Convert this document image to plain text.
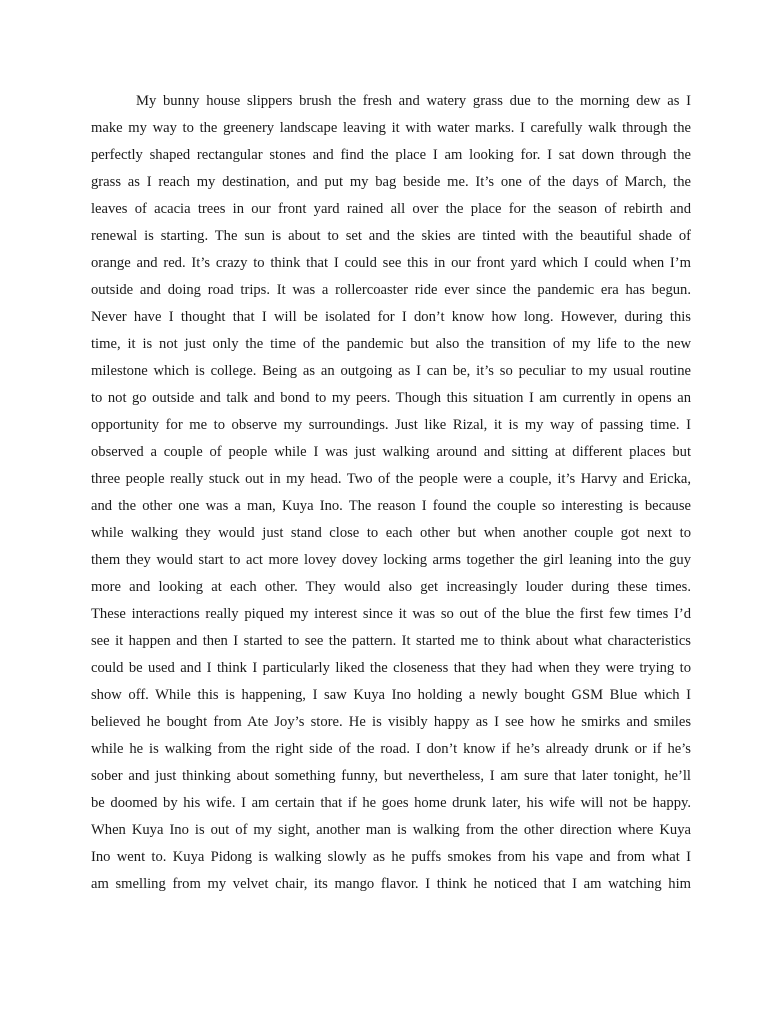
My bunny house slippers brush the fresh and watery grass due to the morning dew as I
make my way to the greenery landscape leaving it with water marks. I carefully walk through the
perfectly shaped rectangular stones and find the place I am looking for. I sat down through the
grass as I reach my destination, and put my bag beside me. It’s one of the days of March, the
leaves of acacia trees in our front yard rained all over the place for the season of rebirth and
renewal is starting. The sun is about to set and the skies are tinted with the beautiful shade of
orange and red. It’s crazy to think that I could see this in our front yard which I could when I’m
outside and doing road trips. It was a rollercoaster ride ever since the pandemic era has begun.
Never have I thought that I will be isolated for I don’t know how long. However, during this
time, it is not just only the time of the pandemic but also the transition of my life to the new
milestone which is college. Being as an outgoing as I can be, it’s so peculiar to my usual routine
to not go outside and talk and bond to my peers. Though this situation I am currently in opens an
opportunity for me to observe my surroundings. Just like Rizal, it is my way of passing time. I
observed a couple of people while I was just walking around and sitting at different places but
three people really stuck out in my head. Two of the people were a couple, it’s Harvy and Ericka,
and the other one was a man, Kuya Ino. The reason I found the couple so interesting is because
while walking they would just stand close to each other but when another couple got next to
them they would start to act more lovey dovey locking arms together the girl leaning into the guy
more and looking at each other. They would also get increasingly louder during these times.
These interactions really piqued my interest since it was so out of the blue the first few times I’d
see it happen and then I started to see the pattern. It started me to think about what characteristics
could be used and I think I particularly liked the closeness that they had when they were trying to
show off. While this is happening, I saw Kuya Ino holding a newly bought GSM Blue which I
believed he bought from Ate Joy’s store. He is visibly happy as I see how he smirks and smiles
while he is walking from the right side of the road. I don’t know if he’s already drunk or if he’s
sober and just thinking about something funny, but nevertheless, I am sure that later tonight, he’ll
be doomed by his wife. I am certain that if he goes home drunk later, his wife will not be happy.
When Kuya Ino is out of my sight, another man is walking from the other direction where Kuya
Ino went to. Kuya Pidong is walking slowly as he puffs smokes from his vape and from what I
am smelling from my velvet chair, its mango flavor. I think he noticed that I am watching him
